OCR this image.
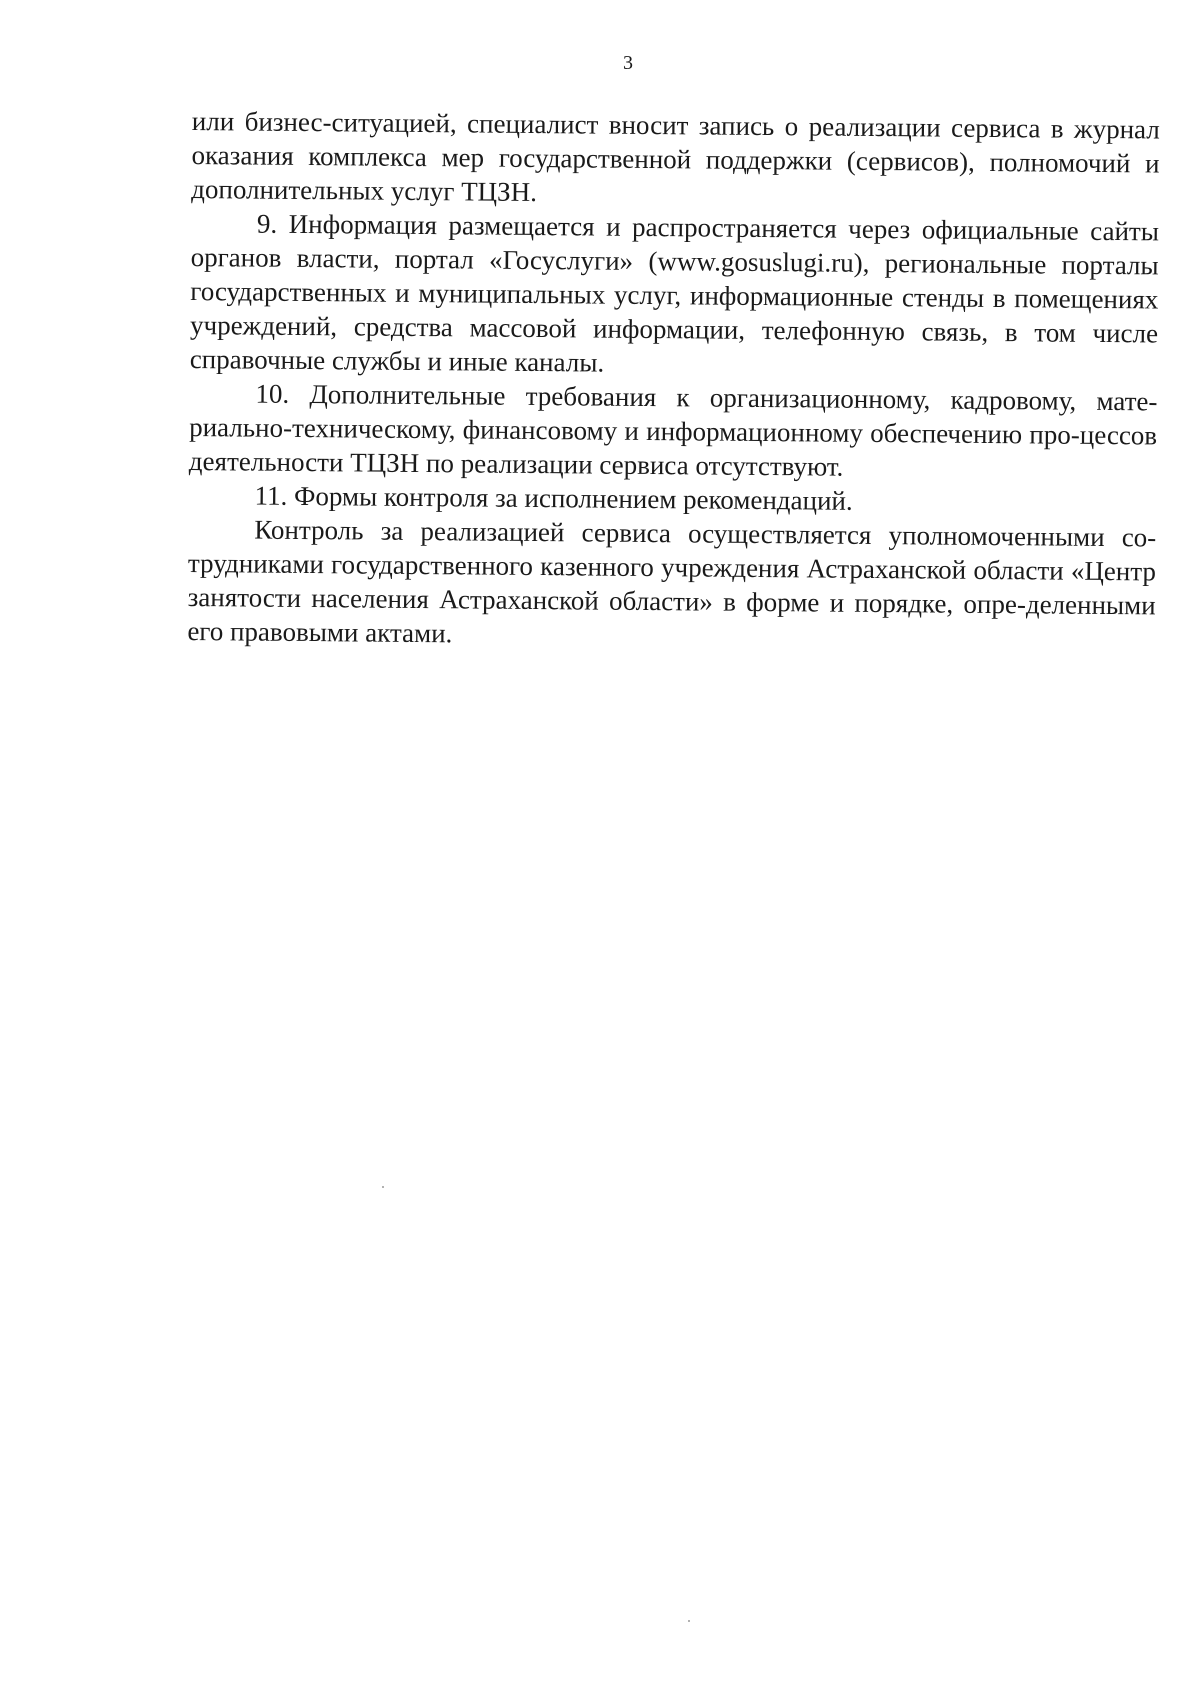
3

или бизнес-ситуацией, специалист вносит запись о реализации сервиса в журнал оказания комплекса мер государственной поддержки (сервисов), полномочий и дополнительных услуг ТЦЗН.

9. Информация размещается и распространяется через официальные сайты органов власти, портал «Госуслуги» (www.gosuslugi.ru), региональные порталы государственных и муниципальных услуг, информационные стенды в помещениях учреждений, средства массовой информации, телефонную связь, в том числе справочные службы и иные каналы.

10. Дополнительные требования к организационному, кадровому, мате-риально-техническому, финансовому и информационному обеспечению про-цессов деятельности ТЦЗН по реализации сервиса отсутствуют.

11. Формы контроля за исполнением рекомендаций.

Контроль за реализацией сервиса осуществляется уполномоченными со-трудниками государственного казенного учреждения Астраханской области «Центр занятости населения Астраханской области» в форме и порядке, опре-деленными его правовыми актами.
